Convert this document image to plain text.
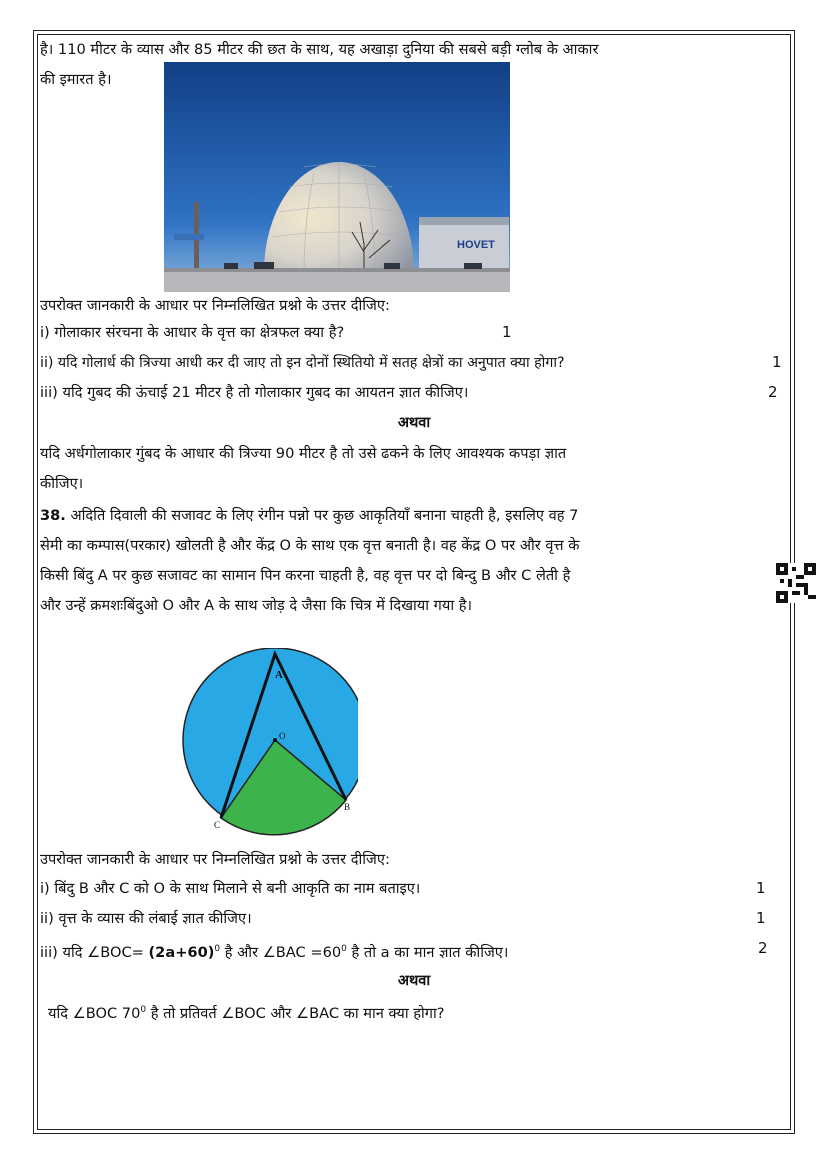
है। 110 मीटर के व्यास और 85 मीटर की छत के साथ, यह अखाड़ा दुनिया की सबसे बड़ी ग्लोब के आकार
की इमारत है।
HOVET
उपरोक्त जानकारी के आधार पर निम्नलिखित प्रश्नो के उत्तर दीजिए:
i) गोलाकार संरचना के आधार के वृत्त का क्षेत्रफल क्या है?	1
ii) यदि गोलार्ध की त्रिज्या आधी कर दी जाए तो इन दोनों स्थितियो में सतह क्षेत्रों का अनुपात क्या होगा?	1
iii) यदि गुबद की ऊंचाई 21 मीटर है तो गोलाकार गुबद का आयतन ज्ञात कीजिए।	2
अथवा
यदि अर्धगोलाकार गुंबद के आधार की त्रिज्या 90 मीटर है तो उसे ढकने के लिए आवश्यक कपड़ा ज्ञात
कीजिए।
38. अदिति दिवाली की सजावट के लिए रंगीन पन्नो पर कुछ आकृतियाँ बनाना चाहती है, इसलिए वह 7
सेमी का कम्पास(परकार) खोलती है और केंद्र O के साथ एक वृत्त बनाती है। वह केंद्र O पर और वृत्त के
किसी बिंदु A पर कुछ सजावट का सामान पिन करना चाहती है, वह वृत्त पर दो बिन्दु B और C लेती है
और उन्हें क्रमशःबिंदुओ O और A के साथ जोड़ दे जैसा कि चित्र में दिखाया गया है।
A
O
B
C
उपरोक्त जानकारी के आधार पर निम्नलिखित प्रश्नो के उत्तर दीजिए:
i) बिंदु B और C को O के साथ मिलाने से बनी आकृति का नाम बताइए।	1
ii) वृत्त के व्यास की लंबाई ज्ञात कीजिए।	1
iii) यदि ∠BOC= $(2a+60)^0$ है और ∠BAC $=60^0$ है तो a का मान ज्ञात कीजिए।	2
अथवा
यदि ∠BOC $70^0$ है तो प्रतिवर्त ∠BOC और ∠BAC का मान क्या होगा?
